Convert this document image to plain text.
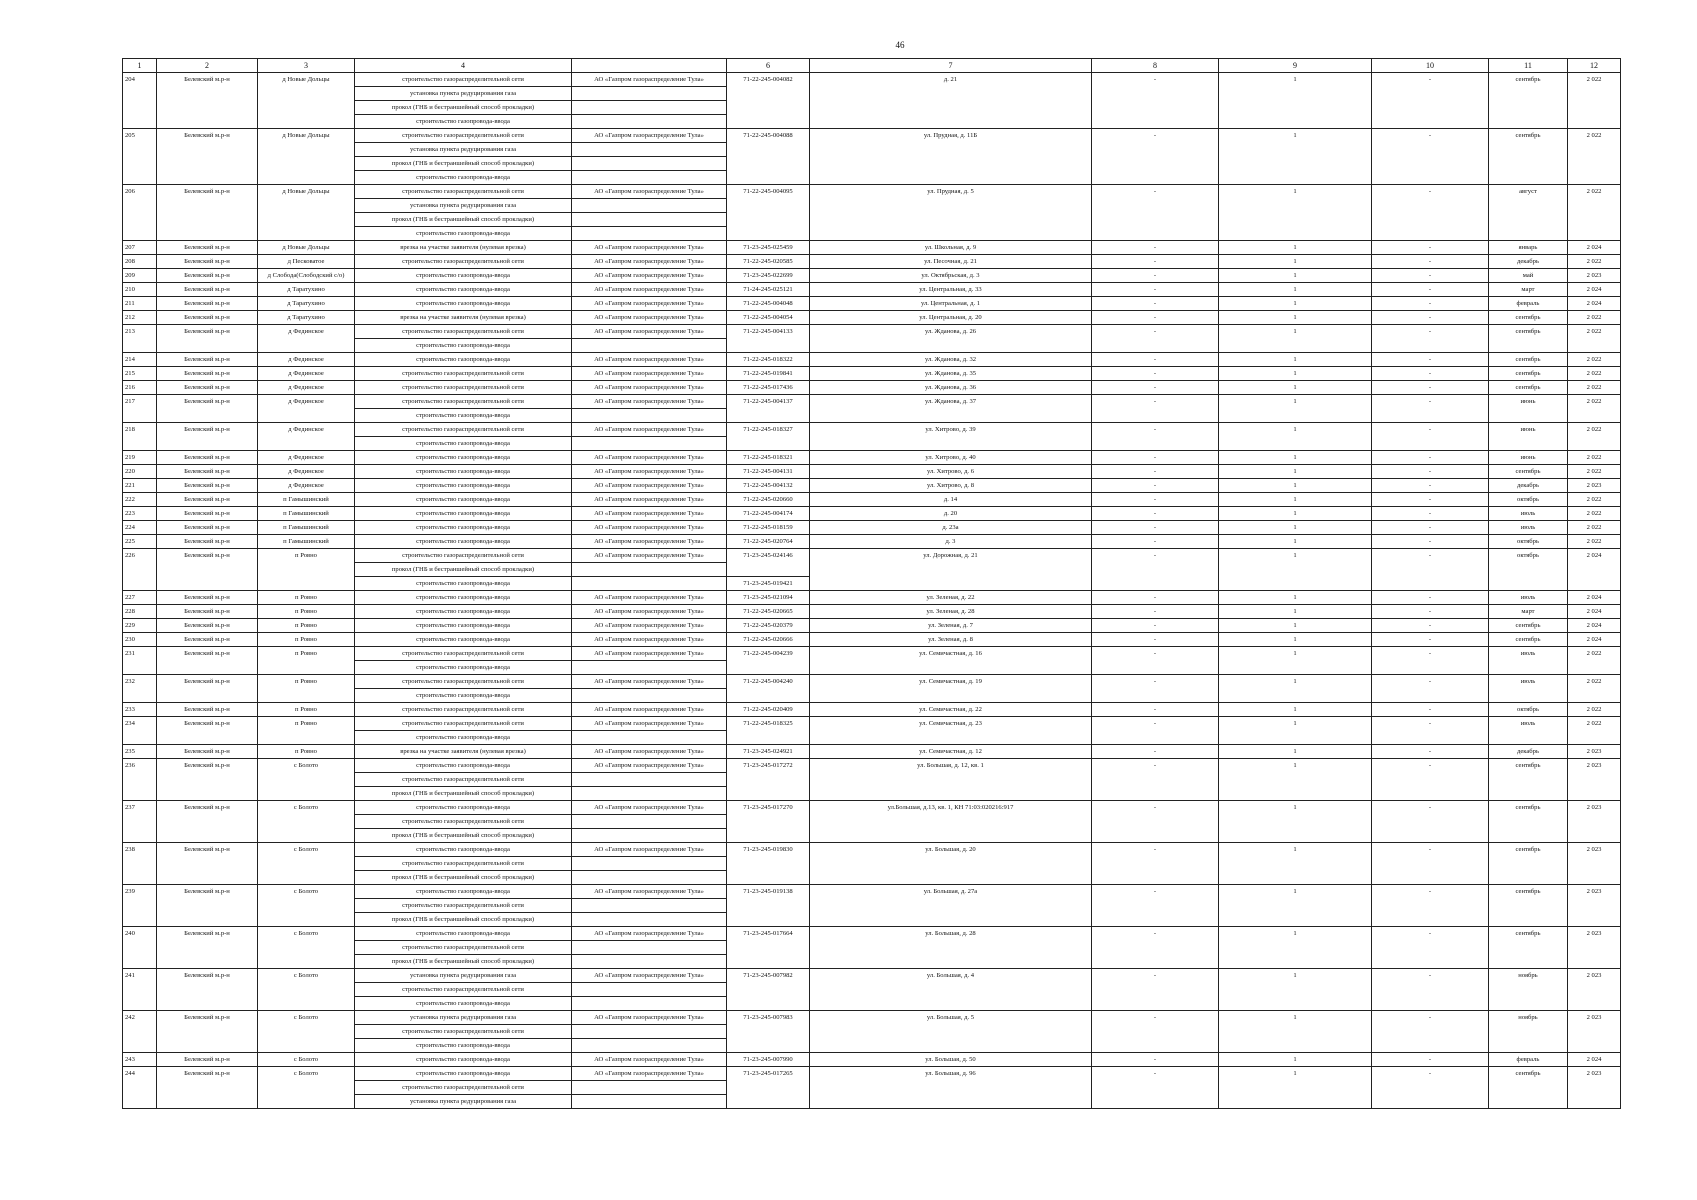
46
1	2	3	4		6	7	8	9	10	11	12
204	Белевский м.р-н	д Новые Дольцы	строительство газораспределительной сети	АО «Газпром газораспределение Тула»	71-22-245-004082	д. 21	-	1	-	сентябрь	2 022
			установка пункта редуцирования газа								
			прокол (ГНБ и бестраншейный способ прокладки)								
			строительство газопровода-ввода								
205	Белевский м.р-н	д Новые Дольцы	строительство газораспределительной сети	АО «Газпром газораспределение Тула»	71-22-245-004088	ул. Прудная, д. 11Б	-	1	-	сентябрь	2 022
			установка пункта редуцирования газа								
			прокол (ГНБ и бестраншейный способ прокладки)								
			строительство газопровода-ввода								
206	Белевский м.р-н	д Новые Дольцы	строительство газораспределительной сети	АО «Газпром газораспределение Тула»	71-22-245-004095	ул. Прудная, д. 5	-	1	-	август	2 022
			установка пункта редуцирования газа								
			прокол (ГНБ и бестраншейный способ прокладки)								
			строительство газопровода-ввода								
207	Белевский м.р-н	д Новые Дольцы	врезка на участке заявителя (нулевая врезка)	АО «Газпром газораспределение Тула»	71-23-245-025459	ул. Школьная, д. 9	-	1	-	январь	2 024
208	Белевский м.р-н	д Песковатое	строительство газораспределительной сети	АО «Газпром газораспределение Тула»	71-22-245-020585	ул. Песочная, д. 21	-	1	-	декабрь	2 022
209	Белевский м.р-н	д Слобода(Слободский с/о)	строительство газопровода-ввода	АО «Газпром газораспределение Тула»	71-23-245-022699	ул. Октябрьская, д. 3	-	1	-	май	2 023
210	Белевский м.р-н	д Таратухино	строительство газопровода-ввода	АО «Газпром газораспределение Тула»	71-24-245-025121	ул. Центральная, д. 33	-	1	-	март	2 024
211	Белевский м.р-н	д Таратухино	строительство газопровода-ввода	АО «Газпром газораспределение Тула»	71-22-245-004048	ул. Центральная, д. 1	-	1	-	февраль	2 024
212	Белевский м.р-н	д Таратухино	врезка на участке заявителя (нулевая врезка)	АО «Газпром газораспределение Тула»	71-22-245-004054	ул. Центральная, д. 20	-	1	-	сентябрь	2 022
213	Белевский м.р-н	д Фединское	строительство газораспределительной сети	АО «Газпром газораспределение Тула»	71-22-245-004133	ул. Жданова, д. 26	-	1	-	сентябрь	2 022
			строительство газопровода-ввода								
214	Белевский м.р-н	д Фединское	строительство газопровода-ввода	АО «Газпром газораспределение Тула»	71-22-245-018322	ул. Жданова, д. 32	-	1	-	сентябрь	2 022
215	Белевский м.р-н	д Фединское	строительство газораспределительной сети	АО «Газпром газораспределение Тула»	71-22-245-019841	ул. Жданова, д. 35	-	1	-	сентябрь	2 022
216	Белевский м.р-н	д Фединское	строительство газораспределительной сети	АО «Газпром газораспределение Тула»	71-22-245-017436	ул. Жданова, д. 36	-	1	-	сентябрь	2 022
217	Белевский м.р-н	д Фединское	строительство газораспределительной сети	АО «Газпром газораспределение Тула»	71-22-245-004137	ул. Жданова, д. 37	-	1	-	июнь	2 022
			строительство газопровода-ввода								
218	Белевский м.р-н	д Фединское	строительство газораспределительной сети	АО «Газпром газораспределение Тула»	71-22-245-018327	ул. Хитрово, д. 39	-	1	-	июнь	2 022
			строительство газопровода-ввода								
219	Белевский м.р-н	д Фединское	строительство газопровода-ввода	АО «Газпром газораспределение Тула»	71-22-245-018321	ул. Хитрово, д. 40	-	1	-	июнь	2 022
220	Белевский м.р-н	д Фединское	строительство газопровода-ввода	АО «Газпром газораспределение Тула»	71-22-245-004131	ул. Хитрово, д. 6	-	1	-	сентябрь	2 022
221	Белевский м.р-н	д Фединское	строительство газопровода-ввода	АО «Газпром газораспределение Тула»	71-22-245-004132	ул. Хитрово, д. 8	-	1	-	декабрь	2 023
222	Белевский м.р-н	п Гамышинский	строительство газопровода-ввода	АО «Газпром газораспределение Тула»	71-22-245-020660	д. 14	-	1	-	октябрь	2 022
223	Белевский м.р-н	п Гамышинский	строительство газопровода-ввода	АО «Газпром газораспределение Тула»	71-22-245-004174	д. 20	-	1	-	июль	2 022
224	Белевский м.р-н	п Гамышинский	строительство газопровода-ввода	АО «Газпром газораспределение Тула»	71-22-245-018159	д. 23а	-	1	-	июль	2 022
225	Белевский м.р-н	п Гамышинский	строительство газопровода-ввода	АО «Газпром газораспределение Тула»	71-22-245-020764	д. 3	-	1	-	октябрь	2 022
226	Белевский м.р-н	п Ровно	строительство газораспределительной сети	АО «Газпром газораспределение Тула»	71-23-245-024146	ул. Дорожная, д. 21	-	1	-	октябрь	2 024
			прокол (ГНБ и бестраншейный способ прокладки)								
			строительство газопровода-ввода		71-23-245-019421						
227	Белевский м.р-н	п Ровно	строительство газопровода-ввода	АО «Газпром газораспределение Тула»	71-23-245-021094	ул. Зеленая, д. 22	-	1	-	июль	2 024
228	Белевский м.р-н	п Ровно	строительство газопровода-ввода	АО «Газпром газораспределение Тула»	71-22-245-020665	ул. Зеленая, д. 28	-	1	-	март	2 024
229	Белевский м.р-н	п Ровно	строительство газопровода-ввода	АО «Газпром газораспределение Тула»	71-22-245-020379	ул. Зеленая, д. 7	-	1	-	сентябрь	2 024
230	Белевский м.р-н	п Ровно	строительство газопровода-ввода	АО «Газпром газораспределение Тула»	71-22-245-020666	ул. Зеленая, д. 8	-	1	-	сентябрь	2 024
231	Белевский м.р-н	п Ровно	строительство газораспределительной сети	АО «Газпром газораспределение Тула»	71-22-245-004239	ул. Семичастная, д. 16	-	1	-	июль	2 022
			строительство газопровода-ввода								
232	Белевский м.р-н	п Ровно	строительство газораспределительной сети	АО «Газпром газораспределение Тула»	71-22-245-004240	ул. Семичастная, д. 19	-	1	-	июль	2 022
			строительство газопровода-ввода								
233	Белевский м.р-н	п Ровно	строительство газораспределительной сети	АО «Газпром газораспределение Тула»	71-22-245-020409	ул. Семичастная, д. 22	-	1	-	октябрь	2 022
234	Белевский м.р-н	п Ровно	строительство газораспределительной сети	АО «Газпром газораспределение Тула»	71-22-245-018325	ул. Семичастная, д. 23	-	1	-	июль	2 022
			строительство газопровода-ввода								
235	Белевский м.р-н	п Ровно	врезка на участке заявителя (нулевая врезка)	АО «Газпром газораспределение Тула»	71-23-245-024921	ул. Семичастная, д. 12	-	1	-	декабрь	2 023
236	Белевский м.р-н	с Болото	строительство газопровода-ввода	АО «Газпром газораспределение Тула»	71-23-245-017272	ул. Большая, д. 12, кв. 1	-	1	-	сентябрь	2 023
			строительство газораспределительной сети								
			прокол (ГНБ и бестраншейный способ прокладки)								
237	Белевский м.р-н	с Болото	строительство газопровода-ввода	АО «Газпром газораспределение Тула»	71-23-245-017270	ул.Большая, д.13, кв. 1, КН 71:03:020216:917	-	1	-	сентябрь	2 023
			строительство газораспределительной сети								
			прокол (ГНБ и бестраншейный способ прокладки)								
238	Белевский м.р-н	с Болото	строительство газопровода-ввода	АО «Газпром газораспределение Тула»	71-23-245-019830	ул. Большая, д. 20	-	1	-	сентябрь	2 023
			строительство газораспределительной сети								
			прокол (ГНБ и бестраншейный способ прокладки)								
239	Белевский м.р-н	с Болото	строительство газопровода-ввода	АО «Газпром газораспределение Тула»	71-23-245-019138	ул. Большая, д. 27а	-	1	-	сентябрь	2 023
			строительство газораспределительной сети								
			прокол (ГНБ и бестраншейный способ прокладки)								
240	Белевский м.р-н	с Болото	строительство газопровода-ввода	АО «Газпром газораспределение Тула»	71-23-245-017664	ул. Большая, д. 28	-	1	-	сентябрь	2 023
			строительство газораспределительной сети								
			прокол (ГНБ и бестраншейный способ прокладки)								
241	Белевский м.р-н	с Болото	установка пункта редуцирования газа	АО «Газпром газораспределение Тула»	71-23-245-007982	ул. Большая, д. 4	-	1	-	ноябрь	2 023
			строительство газораспределительной сети								
			строительство газопровода-ввода								
242	Белевский м.р-н	с Болото	установка пункта редуцирования газа	АО «Газпром газораспределение Тула»	71-23-245-007983	ул. Большая, д. 5	-	1	-	ноябрь	2 023
			строительство газораспределительной сети								
			строительство газопровода-ввода								
243	Белевский м.р-н	с Болото	строительство газопровода-ввода	АО «Газпром газораспределение Тула»	71-23-245-007990	ул. Большая, д. 50	-	1	-	февраль	2 024
244	Белевский м.р-н	с Болото	строительство газопровода-ввода	АО «Газпром газораспределение Тула»	71-23-245-017265	ул. Большая, д. 96	-	1	-	сентябрь	2 023
			строительство газораспределительной сети								
			установка пункта редуцирования газа								
